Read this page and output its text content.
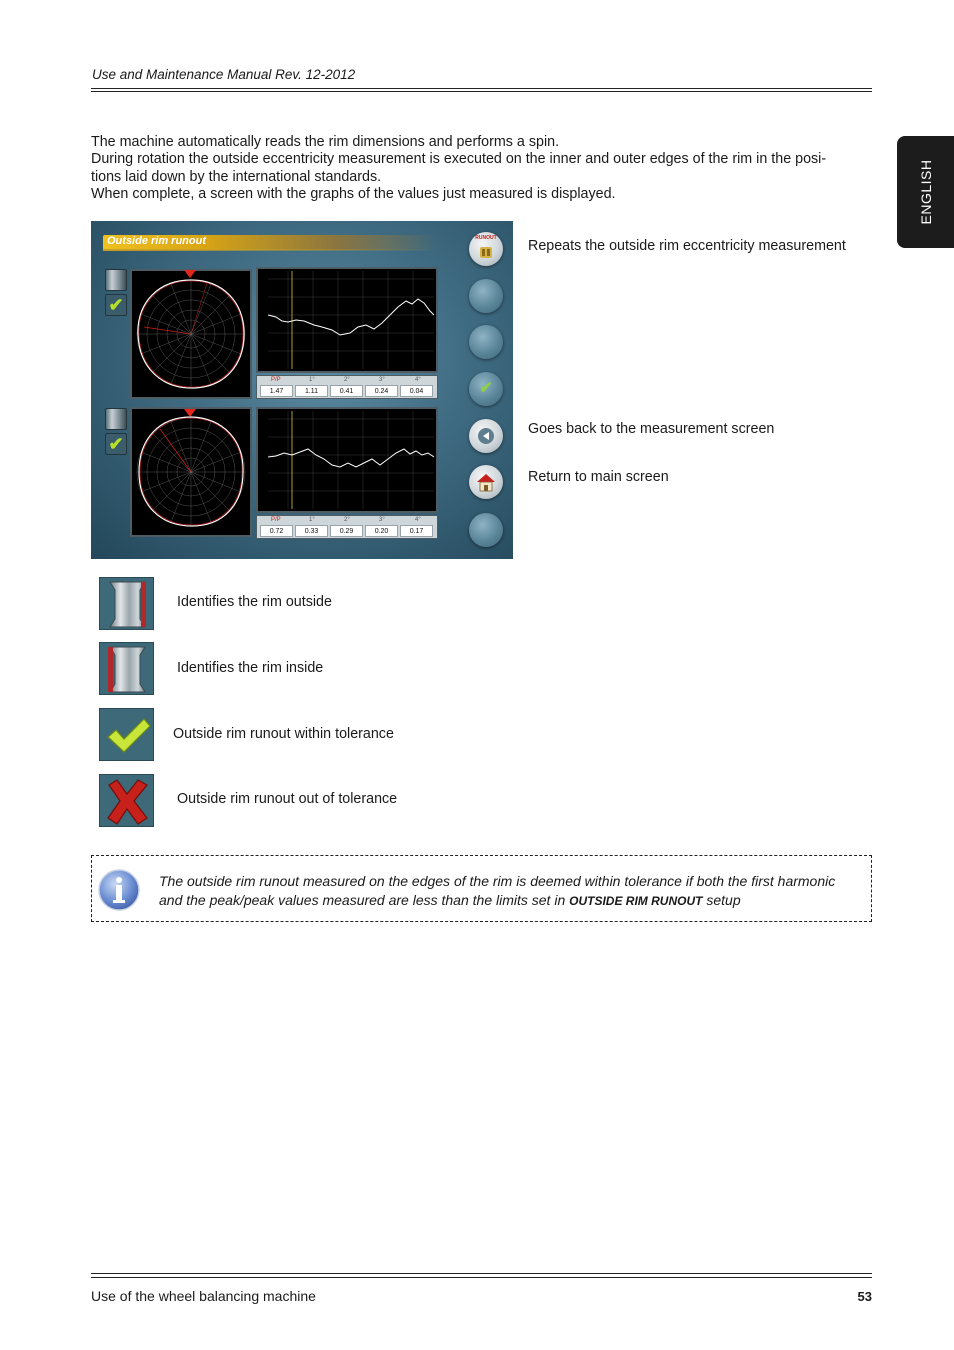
Use and Maintenance Manual Rev. 12-2012
ENGLISH

The machine automatically reads the rim dimensions and performs a spin.

During rotation the outside eccentricity measurement is executed on the inner and outer edges of the rim in the posi-

tions laid down by the international standards.

When complete, a screen with the graphs of the values just measured is displayed.

Outside rim runout
✔
P/P	1°	2°	3°	4°
1.47	1.11	0.41	0.24	0.04
✔
P/P	1°	2°	3°	4°
0.72	0.33	0.29	0.20	0.17
RUNOUT
✔
Repeats the outside rim eccentricity measurement
Goes back to the measurement screen
Return to main screen
Identifies the rim outside
Identifies the rim inside
Outside rim runout within tolerance
Outside rim runout out of tolerance
The outside rim runout measured on the edges of the rim is deemed within tolerance if both the first harmonic and the peak/peak values measured are less than the limits set in OUTSIDE RIM RUNOUT setup
Use of the wheel balancing machine	53
